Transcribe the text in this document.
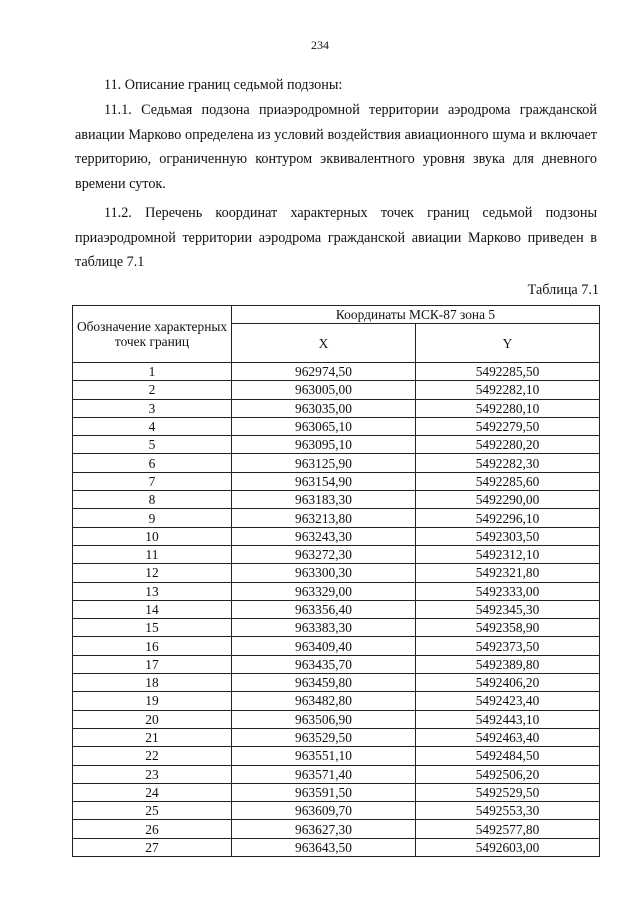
234

11. Описание границ седьмой подзоны:

11.1. Седьмая подзона приаэродромной территории аэродрома гражданской авиации Марково определена из условий воздействия авиационного шума и включает территорию, ограниченную контуром эквивалентного уровня звука для дневного времени суток.

11.2. Перечень координат характерных точек границ седьмой подзоны приаэродромной территории аэродрома гражданской авиации Марково приведен в таблице 7.1

Таблица 7.1
Обозначение характерных точек границ	Координаты МСК-87 зона 5	
	X	Y
1	962974,50	5492285,50
2	963005,00	5492282,10
3	963035,00	5492280,10
4	963065,10	5492279,50
5	963095,10	5492280,20
6	963125,90	5492282,30
7	963154,90	5492285,60
8	963183,30	5492290,00
9	963213,80	5492296,10
10	963243,30	5492303,50
11	963272,30	5492312,10
12	963300,30	5492321,80
13	963329,00	5492333,00
14	963356,40	5492345,30
15	963383,30	5492358,90
16	963409,40	5492373,50
17	963435,70	5492389,80
18	963459,80	5492406,20
19	963482,80	5492423,40
20	963506,90	5492443,10
21	963529,50	5492463,40
22	963551,10	5492484,50
23	963571,40	5492506,20
24	963591,50	5492529,50
25	963609,70	5492553,30
26	963627,30	5492577,80
27	963643,50	5492603,00
